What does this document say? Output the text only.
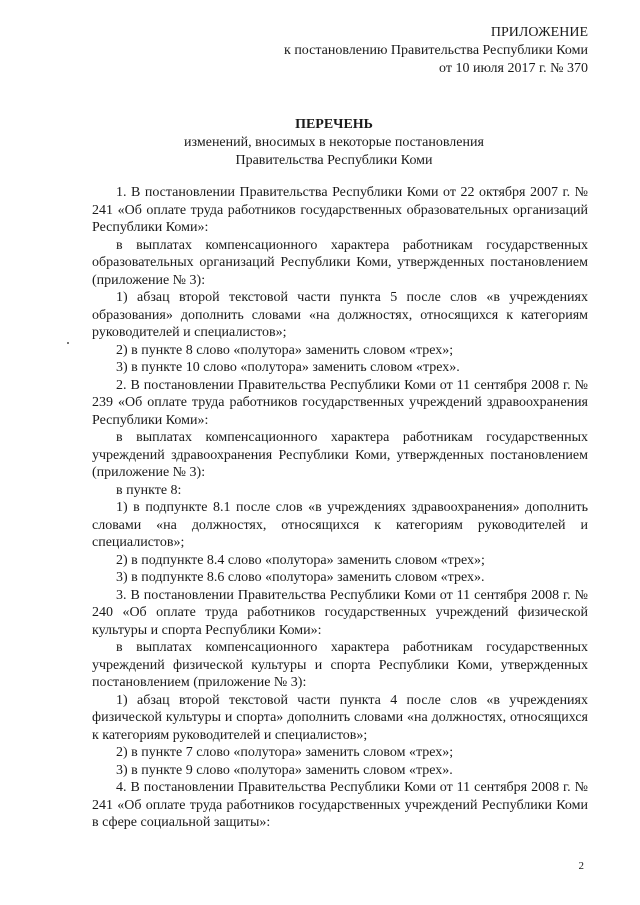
ПРИЛОЖЕНИЕ
к постановлению Правительства Республики Коми
от 10 июля 2017 г. № 370
ПЕРЕЧЕНЬ
изменений, вносимых в некоторые постановления
Правительства Республики Коми

1. В постановлении Правительства Республики Коми от 22 октября 2007 г. № 241 «Об оплате труда работников государственных образовательных организаций Республики Коми»:

в выплатах компенсационного характера работникам государственных образовательных организаций Республики Коми, утвержденных постановлением (приложение № 3):

1) абзац второй текстовой части пункта 5 после слов «в учреждениях образования» дополнить словами «на должностях, относящихся к категориям руководителей и специалистов»;

2) в пункте 8 слово «полутора» заменить словом «трех»;

3) в пункте 10 слово «полутора» заменить словом «трех».

2. В постановлении Правительства Республики Коми от 11 сентября 2008 г. № 239 «Об оплате труда работников государственных учреждений здравоохранения Республики Коми»:

в выплатах компенсационного характера работникам государственных учреждений здравоохранения Республики Коми, утвержденных постановлением (приложение № 3):

в пункте 8:

1) в подпункте 8.1 после слов «в учреждениях здравоохранения» дополнить словами «на должностях, относящихся к категориям руководителей и специалистов»;

2) в подпункте 8.4 слово «полутора» заменить словом «трех»;

3) в подпункте 8.6 слово «полутора» заменить словом «трех».

3. В постановлении Правительства Республики Коми от 11 сентября 2008 г. № 240 «Об оплате труда работников государственных учреждений физической культуры и спорта Республики Коми»:

в выплатах компенсационного характера работникам государственных учреждений физической культуры и спорта Республики Коми, утвержденных постановлением (приложение № 3):

1) абзац второй текстовой части пункта 4 после слов «в учреждениях физической культуры и спорта» дополнить словами «на должностях, относящихся к категориям руководителей и специалистов»;

2) в пункте 7 слово «полутора» заменить словом «трех»;

3) в пункте 9 слово «полутора» заменить словом «трех».

4. В постановлении Правительства Республики Коми от 11 сентября 2008 г. № 241 «Об оплате труда работников государственных учреждений Республики Коми в сфере социальной защиты»:

2
